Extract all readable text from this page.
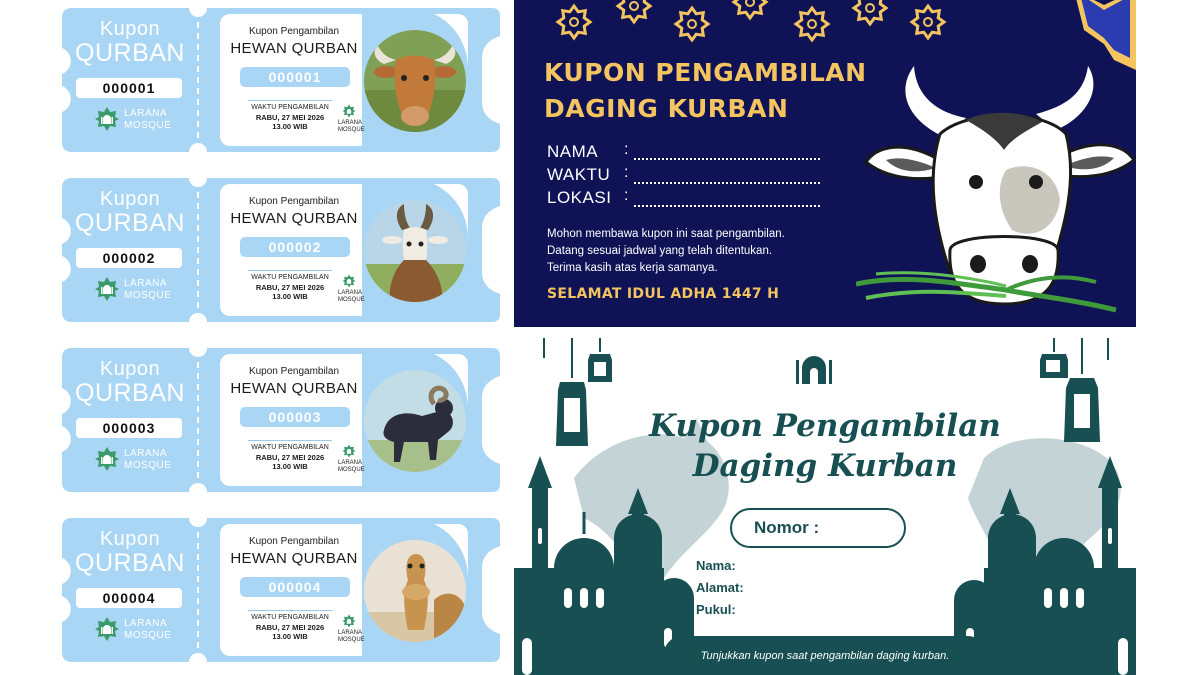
Kupon
QURBAN
000001
LARANA
MOSQUE
Kupon Pengambilan
HEWAN QURBAN
000001
WAKTU PENGAMBILAN
RABU, 27 MEI 2026
13.00 WIB	LARANA
MOSQUE
Kupon
QURBAN
000002
LARANA
MOSQUE
Kupon Pengambilan
HEWAN QURBAN
000002
WAKTU PENGAMBILAN
RABU, 27 MEI 2026
13.00 WIB	LARANA
MOSQUE
Kupon
QURBAN
000003
LARANA
MOSQUE
Kupon Pengambilan
HEWAN QURBAN
000003
WAKTU PENGAMBILAN
RABU, 27 MEI 2026
13.00 WIB	LARANA
MOSQUE
Kupon
QURBAN
000004
LARANA
MOSQUE
Kupon Pengambilan
HEWAN QURBAN
000004
WAKTU PENGAMBILAN
RABU, 27 MEI 2026
13.00 WIB	LARANA
MOSQUE
KUPON PENGAMBILAN
DAGING KURBAN
NAMA :
WAKTU :
LOKASI :
Mohon membawa kupon ini saat pengambilan.
Datang sesuai jadwal yang telah ditentukan.
Terima kasih atas kerja samanya.
SELAMAT IDUL ADHA 1447 H
Kupon Pengambilan
Daging Kurban
Nomor :
Nama:
Alamat:
Pukul:
Tunjukkan kupon saat pengambilan daging kurban.
